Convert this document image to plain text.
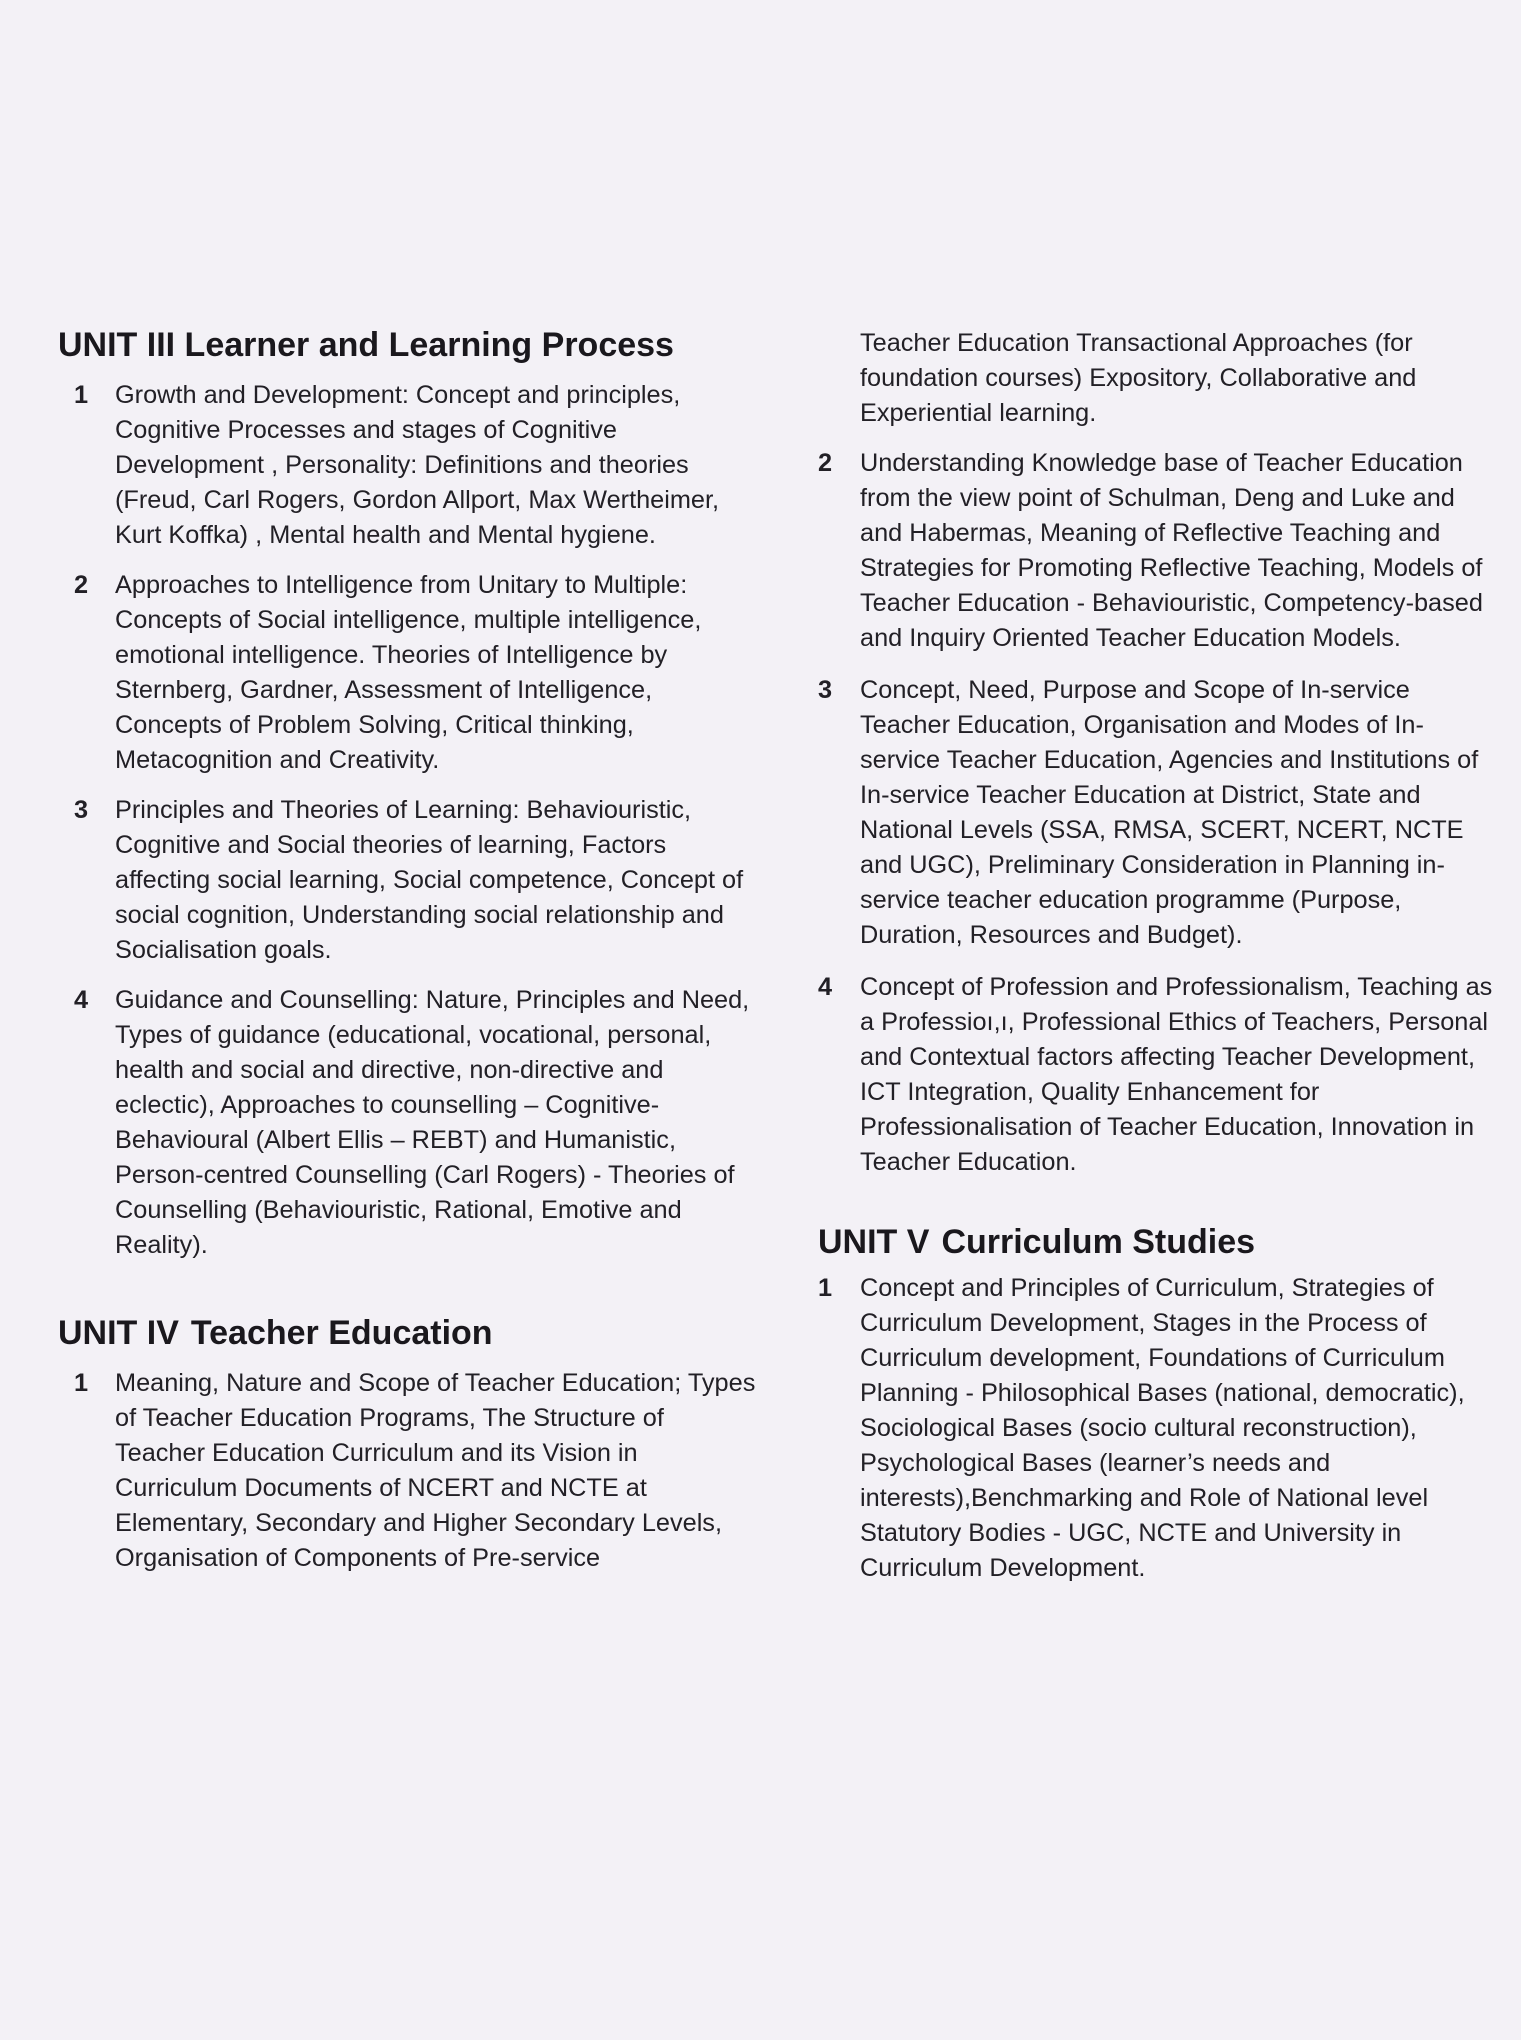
UNIT III Learner and Learning Process
1 Growth and Development: Concept and principles, Cognitive Processes and stages of Cognitive Development , Personality: Definitions and theories (Freud, Carl Rogers, Gordon Allport, Max Wertheimer, Kurt Koffka) , Mental health and Mental hygiene.
2 Approaches to Intelligence from Unitary to Multiple: Concepts of Social intelligence, multiple intelligence, emotional intelligence. Theories of Intelligence by Sternberg, Gardner, Assessment of Intelligence, Concepts of Problem Solving, Critical thinking, Metacognition and Creativity.
3 Principles and Theories of Learning: Behaviouristic, Cognitive and Social theories of learning, Factors affecting social learning, Social competence, Concept of social cognition, Understanding social relationship and Socialisation goals.
4 Guidance and Counselling: Nature, Principles and Need, Types of guidance (educational, vocational, personal, health and social and directive, non-directive and eclectic), Approaches to counselling – Cognitive-Behavioural (Albert Ellis – REBT) and Humanistic, Person-centred Counselling (Carl Rogers) - Theories of Counselling (Behaviouristic, Rational, Emotive and Reality).
UNIT IV Teacher Education
1 Meaning, Nature and Scope of Teacher Education; Types of Teacher Education Programs, The Structure of Teacher Education Curriculum and its Vision in Curriculum Documents of NCERT and NCTE at Elementary, Secondary and Higher Secondary Levels, Organisation of Components of Pre-service
Teacher Education Transactional Approaches (for foundation courses) Expository, Collaborative and Experiential learning.
2 Understanding Knowledge base of Teacher Education from the view point of Schulman, Deng and Luke and and Habermas, Meaning of Reflective Teaching and Strategies for Promoting Reflective Teaching, Models of Teacher Education - Behaviouristic, Competency-based and Inquiry Oriented Teacher Education Models.
3 Concept, Need, Purpose and Scope of In-service Teacher Education, Organisation and Modes of In-service Teacher Education, Agencies and Institutions of In-service Teacher Education at District, State and National Levels (SSA, RMSA, SCERT, NCERT, NCTE and UGC), Preliminary Consideration in Planning in-service teacher education programme (Purpose, Duration, Resources and Budget).
4 Concept of Profession and Professionalism, Teaching as a Professioı,ı, Professional Ethics of Teachers, Personal and Contextual factors affecting Teacher Development, ICT Integration, Quality Enhancement for Professionalisation of Teacher Education, Innovation in Teacher Education.
UNIT V Curriculum Studies
1 Concept and Principles of Curriculum, Strategies of Curriculum Development, Stages in the Process of Curriculum development, Foundations of Curriculum Planning - Philosophical Bases (national, democratic), Sociological Bases (socio cultural reconstruction), Psychological Bases (learner’s needs and interests),Benchmarking and Role of National level Statutory Bodies - UGC, NCTE and University in Curriculum Development.
